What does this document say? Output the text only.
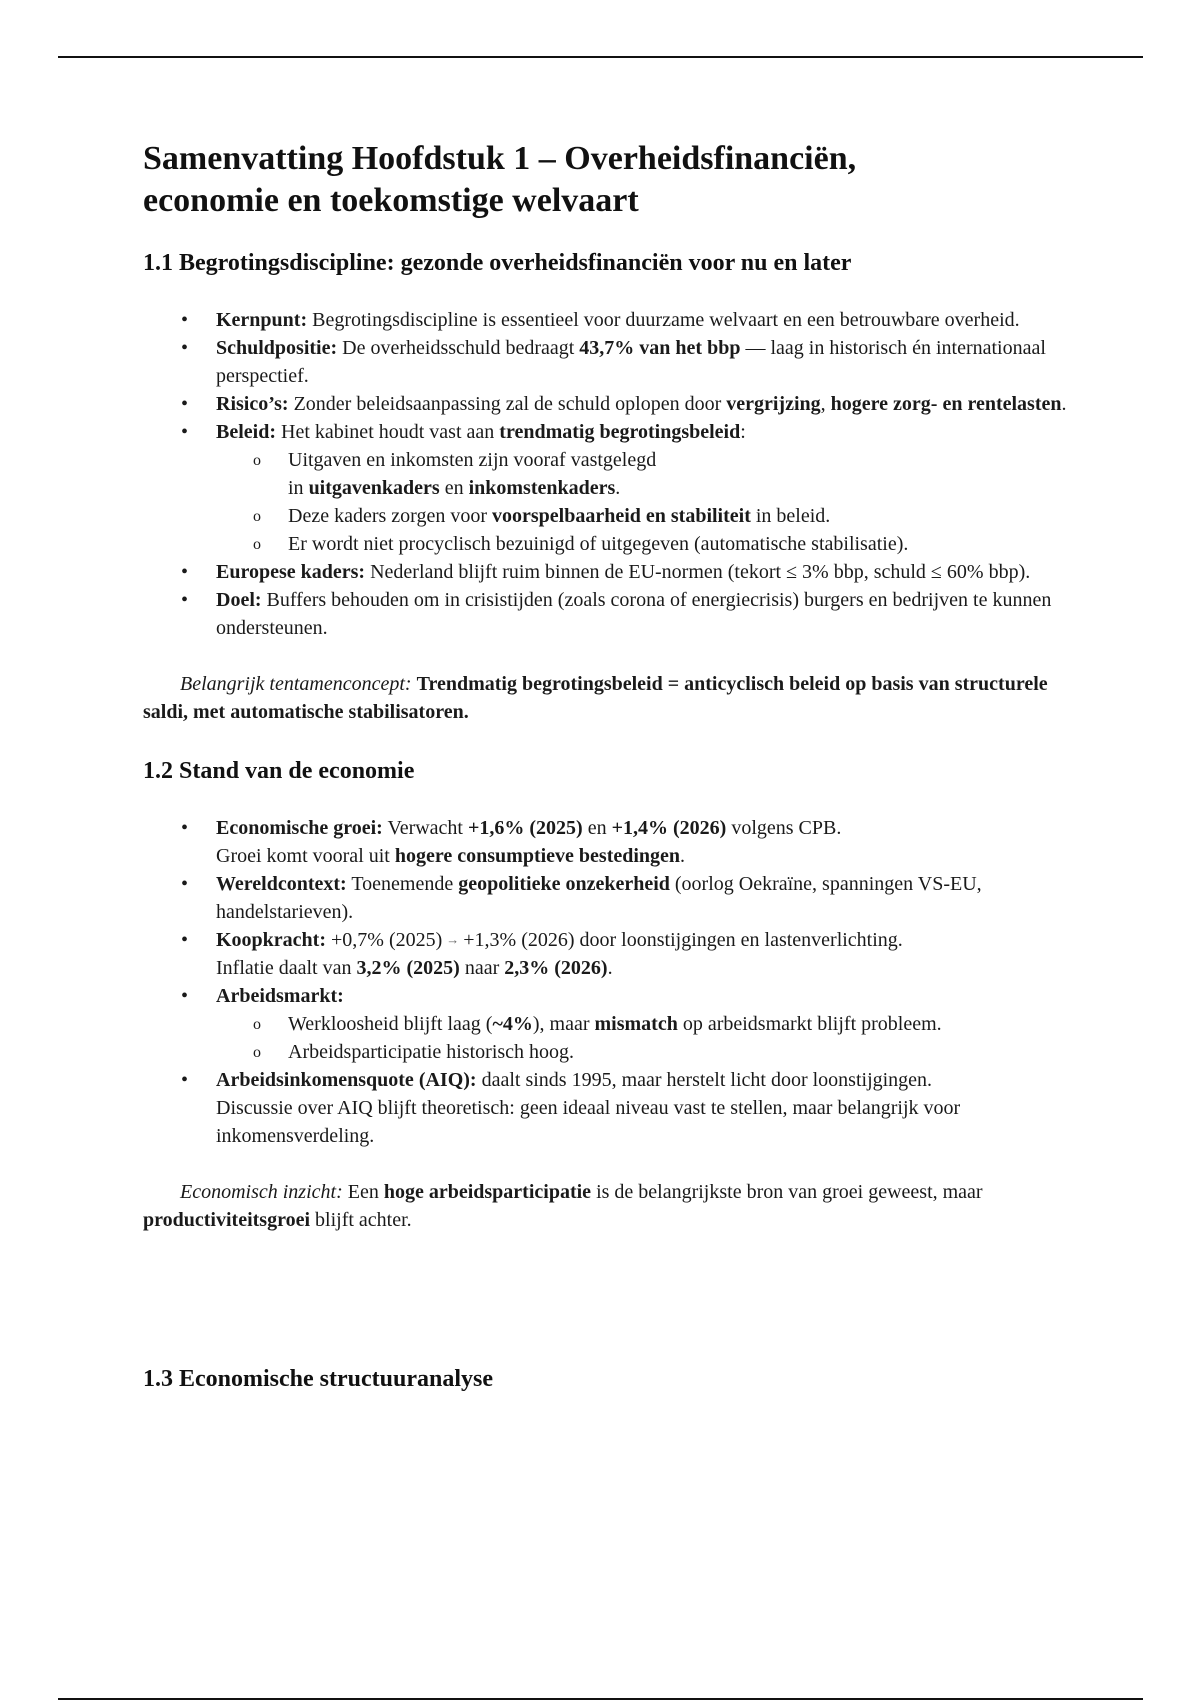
Samenvatting Hoofdstuk 1 – Overheidsfinanciën,
economie en toekomstige welvaart
1.1 Begrotingsdiscipline: gezonde overheidsfinanciën voor nu en later
• Kernpunt: Begrotingsdiscipline is essentieel voor duurzame welvaart en een betrouwbare overheid.
• Schuldpositie: De overheidsschuld bedraagt 43,7% van het bbp — laag in historisch én internationaal perspectief.
• Risico’s: Zonder beleidsaanpassing zal de schuld oplopen door vergrijzing, hogere zorg- en rentelasten.
• Beleid: Het kabinet houdt vast aan trendmatig begrotingsbeleid:
o Uitgaven en inkomsten zijn vooraf vastgelegd
in uitgavenkaders en inkomstenkaders.
o Deze kaders zorgen voor voorspelbaarheid en stabiliteit in beleid.
o Er wordt niet procyclisch bezuinigd of uitgegeven (automatische stabilisatie).
• Europese kaders: Nederland blijft ruim binnen de EU-normen (tekort ≤ 3% bbp, schuld ≤ 60% bbp).
• Doel: Buffers behouden om in crisistijden (zoals corona of energiecrisis) burgers en bedrijven te kunnen ondersteunen.

Belangrijk tentamenconcept: Trendmatig begrotingsbeleid = anticyclisch beleid op basis van structurele saldi, met automatische stabilisatoren.

1.2 Stand van de economie
• Economische groei: Verwacht +1,6% (2025) en +1,4% (2026) volgens CPB.
Groei komt vooral uit hogere consumptieve bestedingen.
• Wereldcontext: Toenemende geopolitieke onzekerheid (oorlog Oekraïne, spanningen VS-EU, handelstarieven).
• Koopkracht: +0,7% (2025) → +1,3% (2026) door loonstijgingen en lastenverlichting.
Inflatie daalt van 3,2% (2025) naar 2,3% (2026).
• Arbeidsmarkt:
o Werkloosheid blijft laag (~4%), maar mismatch op arbeidsmarkt blijft probleem.
o Arbeidsparticipatie historisch hoog.
• Arbeidsinkomensquote (AIQ): daalt sinds 1995, maar herstelt licht door loonstijgingen.
Discussie over AIQ blijft theoretisch: geen ideaal niveau vast te stellen, maar belangrijk voor inkomensverdeling.

Economisch inzicht: Een hoge arbeidsparticipatie is de belangrijkste bron van groei geweest, maar productiviteitsgroei blijft achter.

1.3 Economische structuuranalyse
